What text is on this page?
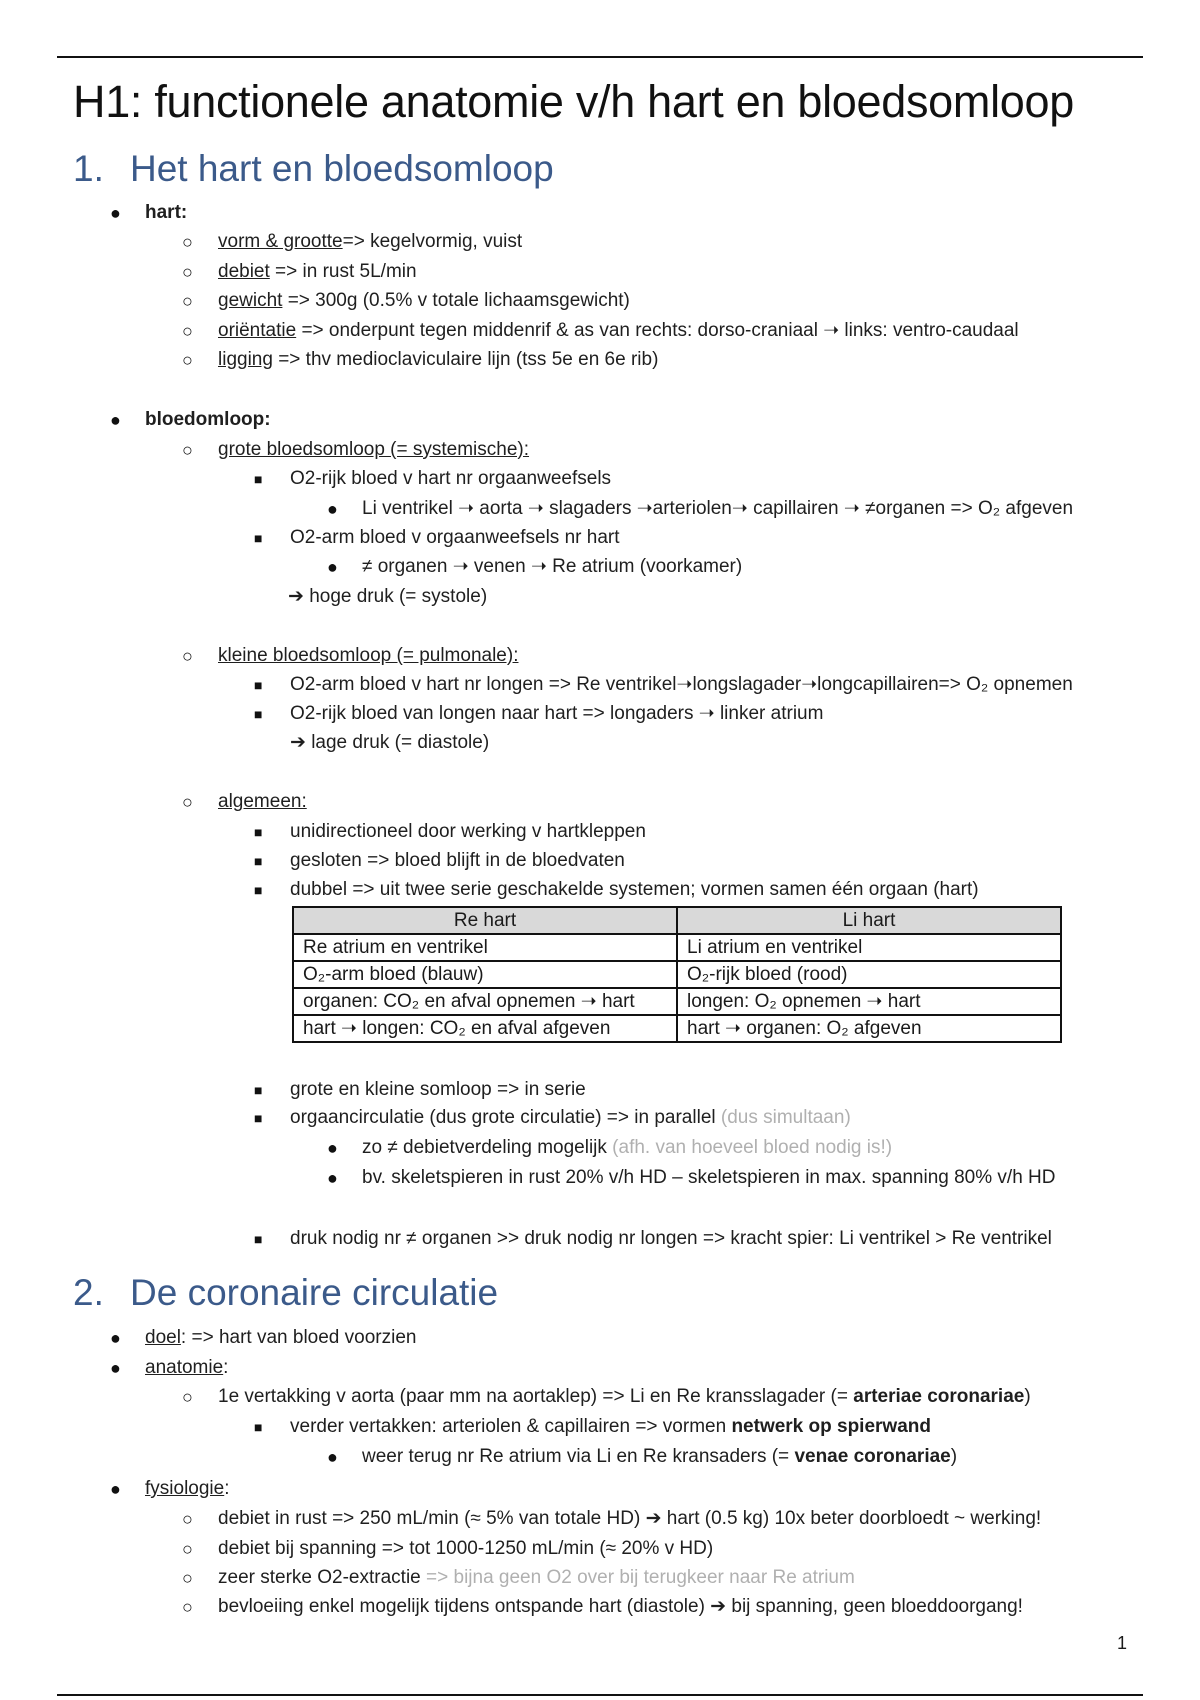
H1: functionele anatomie v/h hart en bloedsomloop
1. Het hart en bloedsomloop
● hart:
○ vorm & grootte=> kegelvormig, vuist
○ debiet => in rust 5L/min
○ gewicht => 300g (0.5% v totale lichaamsgewicht)
○ oriëntatie => onderpunt tegen middenrif & as van rechts: dorso-craniaal ➝ links: ventro-caudaal
○ ligging => thv medioclaviculaire lijn (tss 5e en 6e rib)
● bloedomloop:
○ grote bloedsomloop (= systemische):
■ O2-rijk bloed v hart nr orgaanweefsels
● Li ventrikel ➝ aorta ➝ slagaders ➝arteriolen➝ capillairen ➝ ≠organen => O₂ afgeven
■ O2-arm bloed v orgaanweefsels nr hart
● ≠ organen ➝ venen ➝ Re atrium (voorkamer)
➔ hoge druk (= systole)
○ kleine bloedsomloop (= pulmonale):
■ O2-arm bloed v hart nr longen => Re ventrikel➝longslagader➝longcapillairen=> O₂ opnemen
■ O2-rijk bloed van longen naar hart => longaders ➝ linker atrium
➔ lage druk (= diastole)
○ algemeen:
■ unidirectioneel door werking v hartkleppen
■ gesloten => bloed blijft in de bloedvaten
■ dubbel => uit twee serie geschakelde systemen; vormen samen één orgaan (hart)
Re hart	Li hart
Re atrium en ventrikel	Li atrium en ventrikel
O₂-arm bloed (blauw)	O₂-rijk bloed (rood)
organen: CO₂ en afval opnemen ➝ hart	longen: O₂ opnemen ➝ hart
hart ➝ longen: CO₂ en afval afgeven	hart ➝ organen: O₂ afgeven
■ grote en kleine somloop => in serie
■ orgaancirculatie (dus grote circulatie) => in parallel (dus simultaan)
● zo ≠ debietverdeling mogelijk (afh. van hoeveel bloed nodig is!)
● bv. skeletspieren in rust 20% v/h HD – skeletspieren in max. spanning 80% v/h HD
■ druk nodig nr ≠ organen >> druk nodig nr longen => kracht spier: Li ventrikel > Re ventrikel
2. De coronaire circulatie
● doel: => hart van bloed voorzien
● anatomie:
○ 1e vertakking v aorta (paar mm na aortaklep) => Li en Re kransslagader (= arteriae coronariae)
■ verder vertakken: arteriolen & capillairen => vormen netwerk op spierwand
● weer terug nr Re atrium via Li en Re kransaders (= venae coronariae)
● fysiologie:
○ debiet in rust => 250 mL/min (≈ 5% van totale HD) ➔ hart (0.5 kg) 10x beter doorbloedt ~ werking!
○ debiet bij spanning => tot 1000-1250 mL/min (≈ 20% v HD)
○ zeer sterke O2-extractie => bijna geen O2 over bij terugkeer naar Re atrium
○ bevloeiing enkel mogelijk tijdens ontspande hart (diastole) ➔ bij spanning, geen bloeddoorgang!
1
